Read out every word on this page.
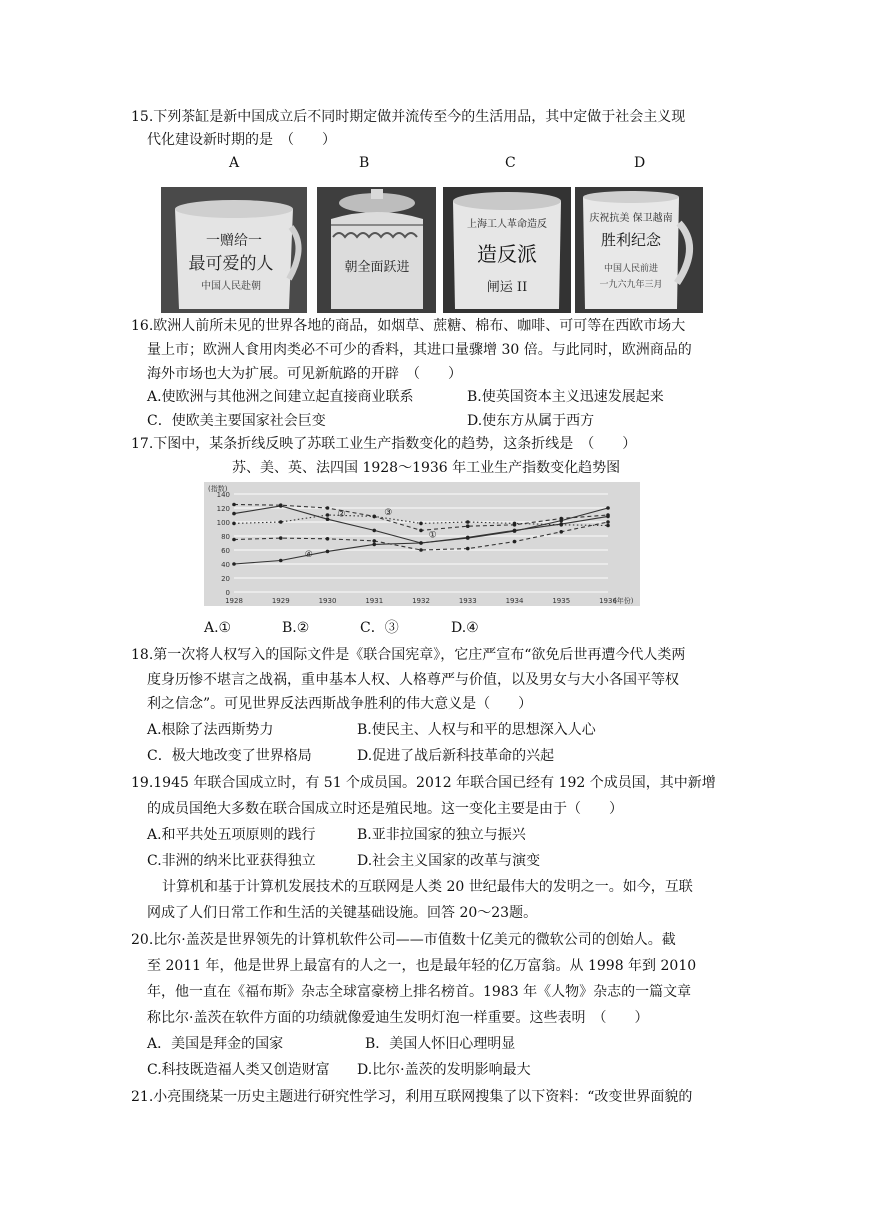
15.下列茶缸是新中国成立后不同时期定做并流传至今的生活用品，其中定做于社会主义现
代化建设新时期的是　（　　）
A	B	C	D
一赠给一
最可爱的人
中国人民赴朝
朝全面跃进
上海工人革命造反
造反派
闸运 II
庆祝抗美 保卫越南
胜利纪念
中国人民前进
一九六九年三月
16.欧洲人前所未见的世界各地的商品，如烟草、蔗糖、棉布、咖啡、可可等在西欧市场大
量上市；欧洲人食用肉类必不可少的香料，其进口量骤增 30 倍。与此同时，欧洲商品的
海外市场也大为扩展。可见新航路的开辟　（　　）
A.使欧洲与其他洲之间建立起直接商业联系	B.使英国资本主义迅速发展起来
C．使欧美主要国家社会巨变	D.使东方从属于西方
17.下图中，某条折线反映了苏联工业生产指数变化的趋势，这条折线是　（　　）
苏、美、英、法四国 1928～1936 年工业生产指数变化趋势图
0
20
40
60
80
100
120
140
(指数)
1928	1929	1930	1931	1932	1933	1934	1935	1936
(年份)
①
②	③
④
A.①	B.②	C．③	D.④
18.第一次将人权写入的国际文件是《联合国宪章》，它庄严宣布“欲免后世再遭今代人类两
度身历惨不堪言之战祸，重申基本人权、人格尊严与价值，以及男女与大小各国平等权
利之信念”。可见世界反法西斯战争胜利的伟大意义是（　　）
A.根除了法西斯势力	B.使民主、人权与和平的思想深入人心
C．极大地改变了世界格局	D.促进了战后新科技革命的兴起
19.1945 年联合国成立时，有 51 个成员国。2012 年联合国已经有 192 个成员国，其中新增
的成员国绝大多数在联合国成立时还是殖民地。这一变化主要是由于（　　）
A.和平共处五项原则的践行	B.亚非拉国家的独立与振兴
C.非洲的纳米比亚获得独立	D.社会主义国家的改革与演变
计算机和基于计算机发展技术的互联网是人类 20 世纪最伟大的发明之一。如今，互联
网成了人们日常工作和生活的关键基础设施。回答 20～23题。
20.比尔·盖茨是世界领先的计算机软件公司——市值数十亿美元的微软公司的创始人。截
至 2011 年，他是世界上最富有的人之一，也是最年轻的亿万富翁。从 1998 年到 2010
年，他一直在《福布斯》杂志全球富豪榜上排名榜首。1983 年《人物》杂志的一篇文章
称比尔·盖茨在软件方面的功绩就像爱迪生发明灯泡一样重要。这些表明　（　　）
A．美国是拜金的国家	B．美国人怀旧心理明显
C.科技既造福人类又创造财富 D.比尔·盖茨的发明影响最大
21.小亮围绕某一历史主题进行研究性学习，利用互联网搜集了以下资料：“改变世界面貌的
